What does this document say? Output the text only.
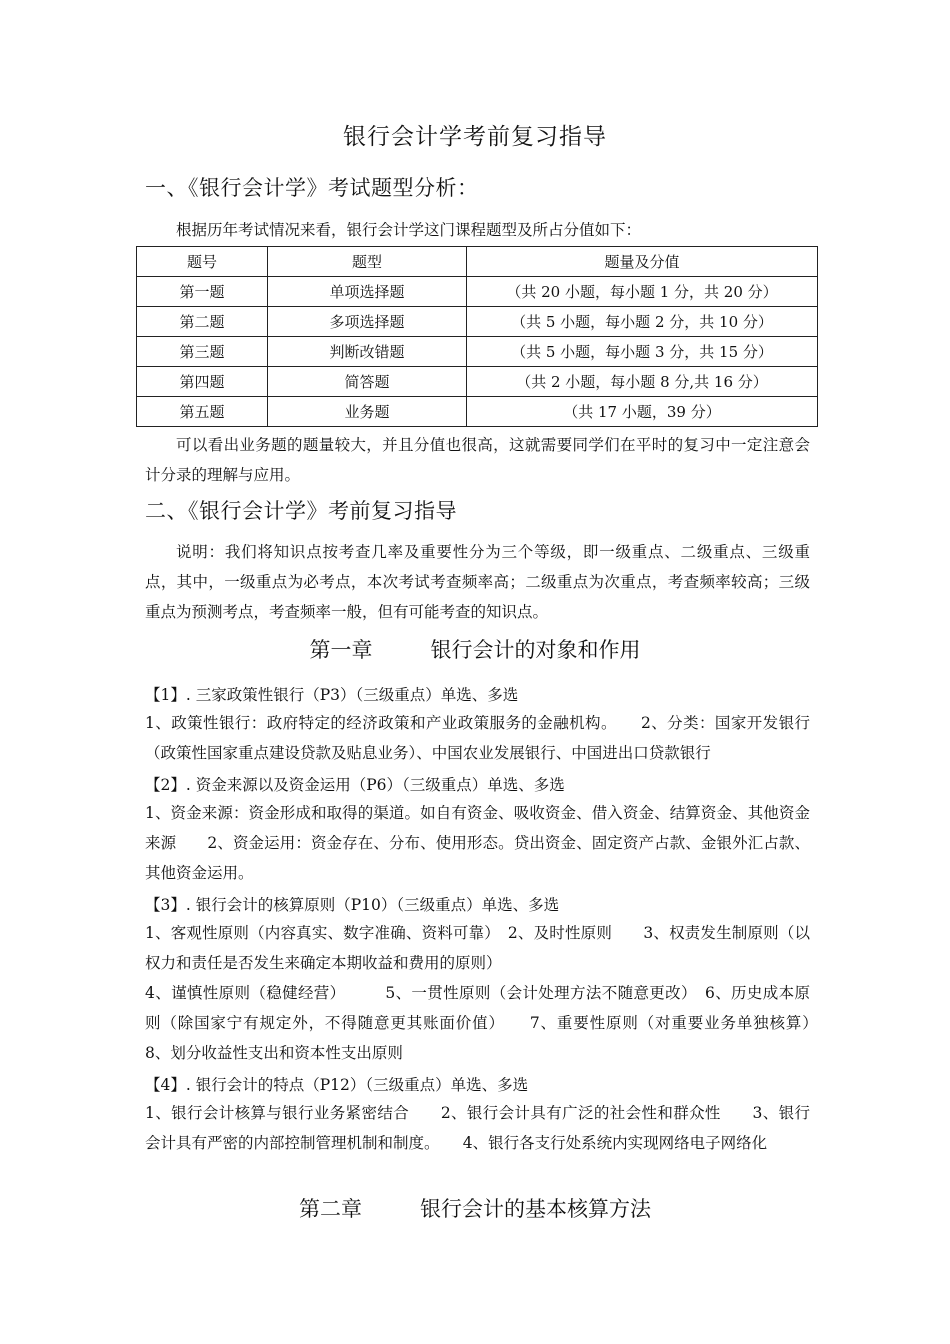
银行会计学考前复习指导
一、《银行会计学》考试题型分析：
根据历年考试情况来看，银行会计学这门课程题型及所占分值如下：
题号	题型	题量及分值
第一题	单项选择题	（共 20 小题，每小题 1 分，共 20 分）
第二题	多项选择题	（共 5 小题，每小题 2 分，共 10 分）
第三题	判断改错题	（共 5 小题，每小题 3 分，共 15 分）
第四题	简答题	（共 2 小题，每小题 8 分,共 16 分）
第五题	业务题	（共 17 小题，39 分）
可以看出业务题的题量较大，并且分值也很高，这就需要同学们在平时的复习中一定注意会计分录的理解与应用。
二、《银行会计学》考前复习指导
说明：我们将知识点按考查几率及重要性分为三个等级，即一级重点、二级重点、三级重点，其中，一级重点为必考点，本次考试考查频率高；二级重点为次重点，考查频率较高；三级重点为预测考点，考查频率一般，但有可能考查的知识点。
第一章	银行会计的对象和作用
【1】. 三家政策性银行（P3）（三级重点）单选、多选
1、政策性银行：政府特定的经济政策和产业政策服务的金融机构。　　2、分类：国家开发银行（政策性国家重点建设贷款及贴息业务）、中国农业发展银行、中国进出口贷款银行
【2】. 资金来源以及资金运用（P6）（三级重点）单选、多选
1、资金来源：资金形成和取得的渠道。如自有资金、吸收资金、借入资金、结算资金、其他资金来源　　2、资金运用：资金存在、分布、使用形态。贷出资金、固定资产占款、金银外汇占款、其他资金运用。
【3】. 银行会计的核算原则（P10）（三级重点）单选、多选
1、客观性原则（内容真实、数字准确、资料可靠）　2、及时性原则　　3、权责发生制原则（以权力和责任是否发生来确定本期收益和费用的原则）
4、谨慎性原则（稳健经营）　　　5、一贯性原则（会计处理方法不随意更改）　6、历史成本原则（除国家宁有规定外，不得随意更其账面价值）　　7、重要性原则（对重要业务单独核算）　　8、划分收益性支出和资本性支出原则
【4】. 银行会计的特点（P12）（三级重点）单选、多选
1、银行会计核算与银行业务紧密结合　　2、银行会计具有广泛的社会性和群众性　　3、银行会计具有严密的内部控制管理机制和制度。　　4、银行各支行处系统内实现网络电子网络化
第二章	银行会计的基本核算方法
